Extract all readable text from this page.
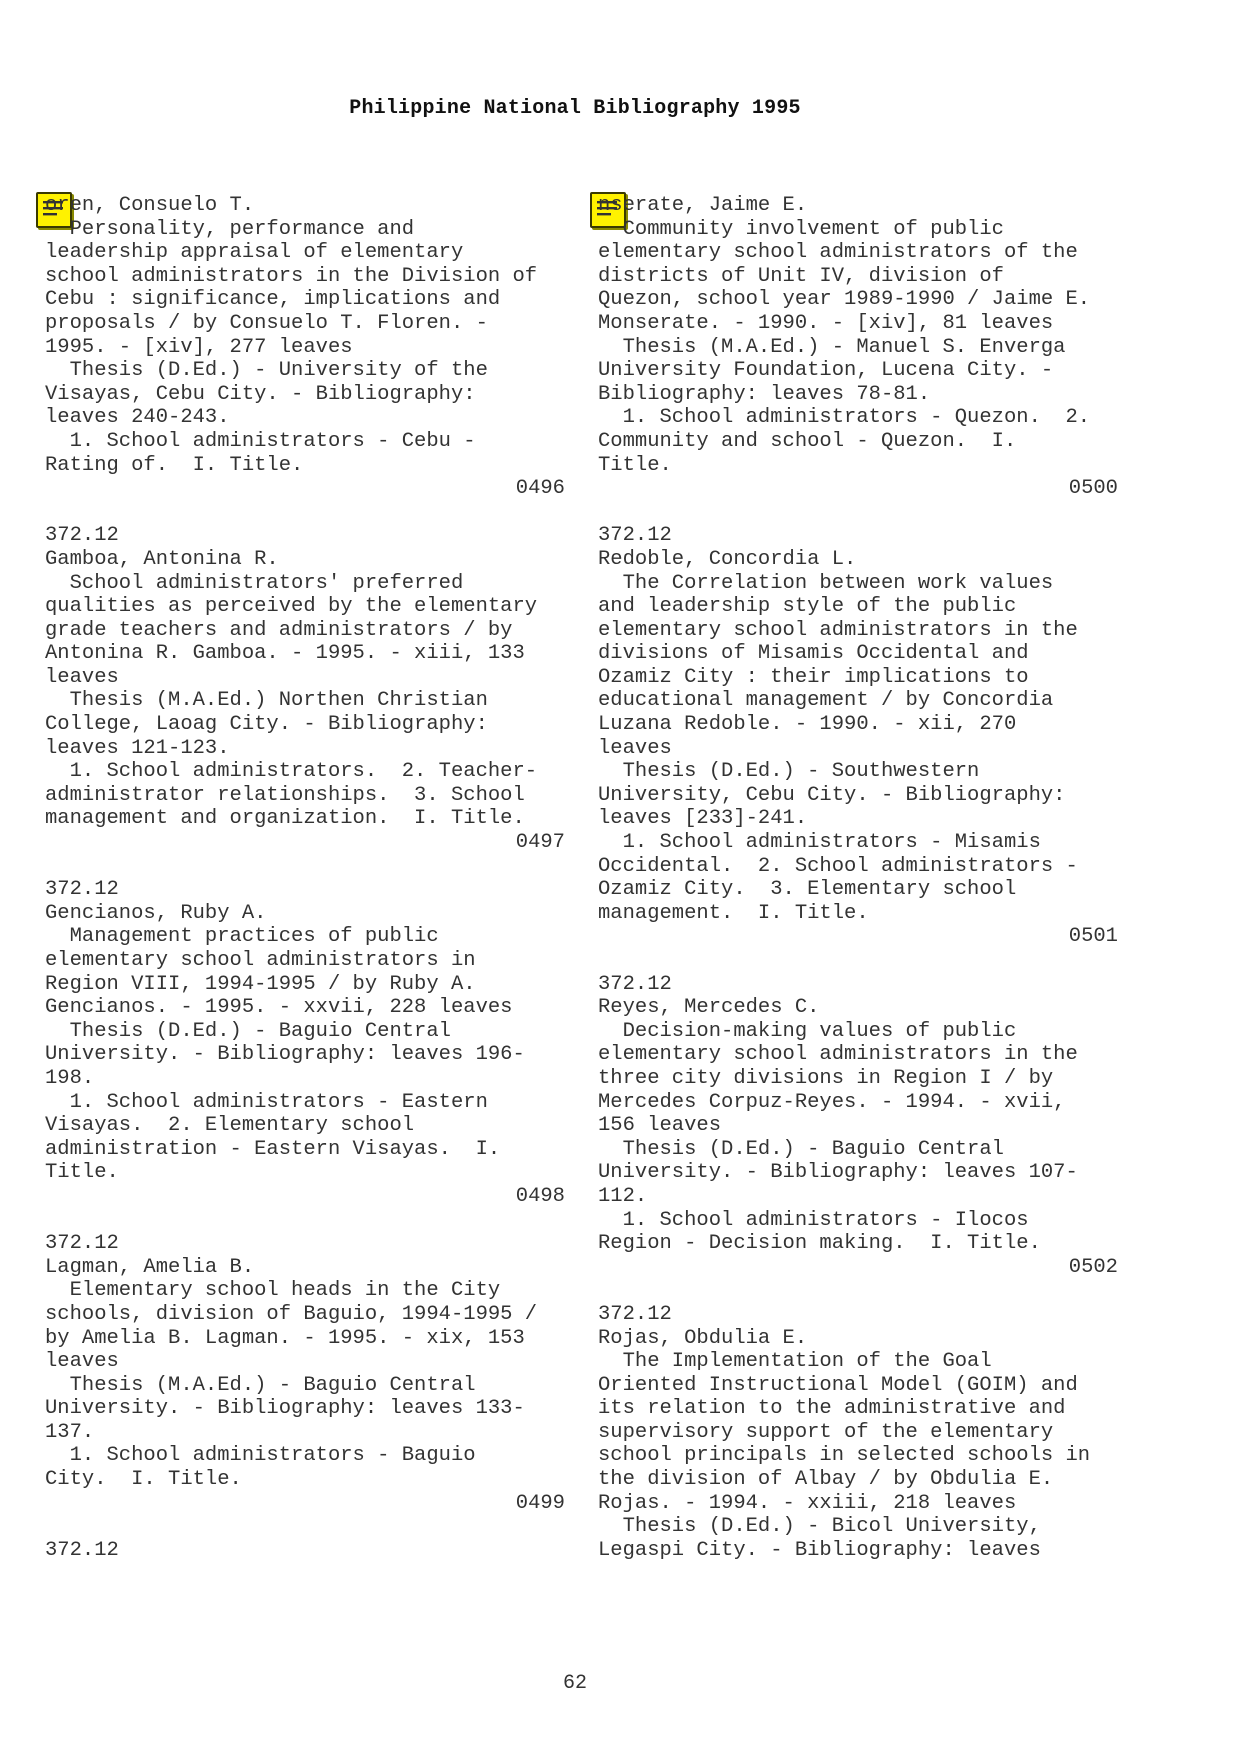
Philippine National Bibliography 1995
oren, Consuelo T.
Personality, performance and
leadership appraisal of elementary
school administrators in the Division of
Cebu : significance, implications and
proposals / by Consuelo T. Floren. -
1995. - [xiv], 277 leaves
Thesis (D.Ed.) - University of the
Visayas, Cebu City. - Bibliography:
leaves 240-243.
1. School administrators - Cebu -
Rating of.  I. Title.
0496
372.12
Gamboa, Antonina R.
School administrators' preferred
qualities as perceived by the elementary
grade teachers and administrators / by
Antonina R. Gamboa. - 1995. - xiii, 133
leaves
Thesis (M.A.Ed.) Northen Christian
College, Laoag City. - Bibliography:
leaves 121-123.
1. School administrators.  2. Teacher-
administrator relationships.  3. School
management and organization.  I. Title.
0497
372.12
Gencianos, Ruby A.
Management practices of public
elementary school administrators in
Region VIII, 1994-1995 / by Ruby A.
Gencianos. - 1995. - xxvii, 228 leaves
Thesis (D.Ed.) - Baguio Central
University. - Bibliography: leaves 196-
198.
1. School administrators - Eastern
Visayas.  2. Elementary school
administration - Eastern Visayas.  I.
Title.
0498
372.12
Lagman, Amelia B.
Elementary school heads in the City
schools, division of Baguio, 1994-1995 /
by Amelia B. Lagman. - 1995. - xix, 153
leaves
Thesis (M.A.Ed.) - Baguio Central
University. - Bibliography: leaves 133-
137.
1. School administrators - Baguio
City.  I. Title.
0499
372.12
nserate, Jaime E.
Community involvement of public
elementary school administrators of the
districts of Unit IV, division of
Quezon, school year 1989-1990 / Jaime E.
Monserate. - 1990. - [xiv], 81 leaves
Thesis (M.A.Ed.) - Manuel S. Enverga
University Foundation, Lucena City. -
Bibliography: leaves 78-81.
1. School administrators - Quezon.  2.
Community and school - Quezon.  I.
Title.
0500
372.12
Redoble, Concordia L.
The Correlation between work values
and leadership style of the public
elementary school administrators in the
divisions of Misamis Occidental and
Ozamiz City : their implications to
educational management / by Concordia
Luzana Redoble. - 1990. - xii, 270
leaves
Thesis (D.Ed.) - Southwestern
University, Cebu City. - Bibliography:
leaves [233]-241.
1. School administrators - Misamis
Occidental.  2. School administrators -
Ozamiz City.  3. Elementary school
management.  I. Title.
0501
372.12
Reyes, Mercedes C.
Decision-making values of public
elementary school administrators in the
three city divisions in Region I / by
Mercedes Corpuz-Reyes. - 1994. - xvii,
156 leaves
Thesis (D.Ed.) - Baguio Central
University. - Bibliography: leaves 107-
112.
1. School administrators - Ilocos
Region - Decision making.  I. Title.
0502
372.12
Rojas, Obdulia E.
The Implementation of the Goal
Oriented Instructional Model (GOIM) and
its relation to the administrative and
supervisory support of the elementary
school principals in selected schools in
the division of Albay / by Obdulia E.
Rojas. - 1994. - xxiii, 218 leaves
Thesis (D.Ed.) - Bicol University,
Legaspi City. - Bibliography: leaves
62
